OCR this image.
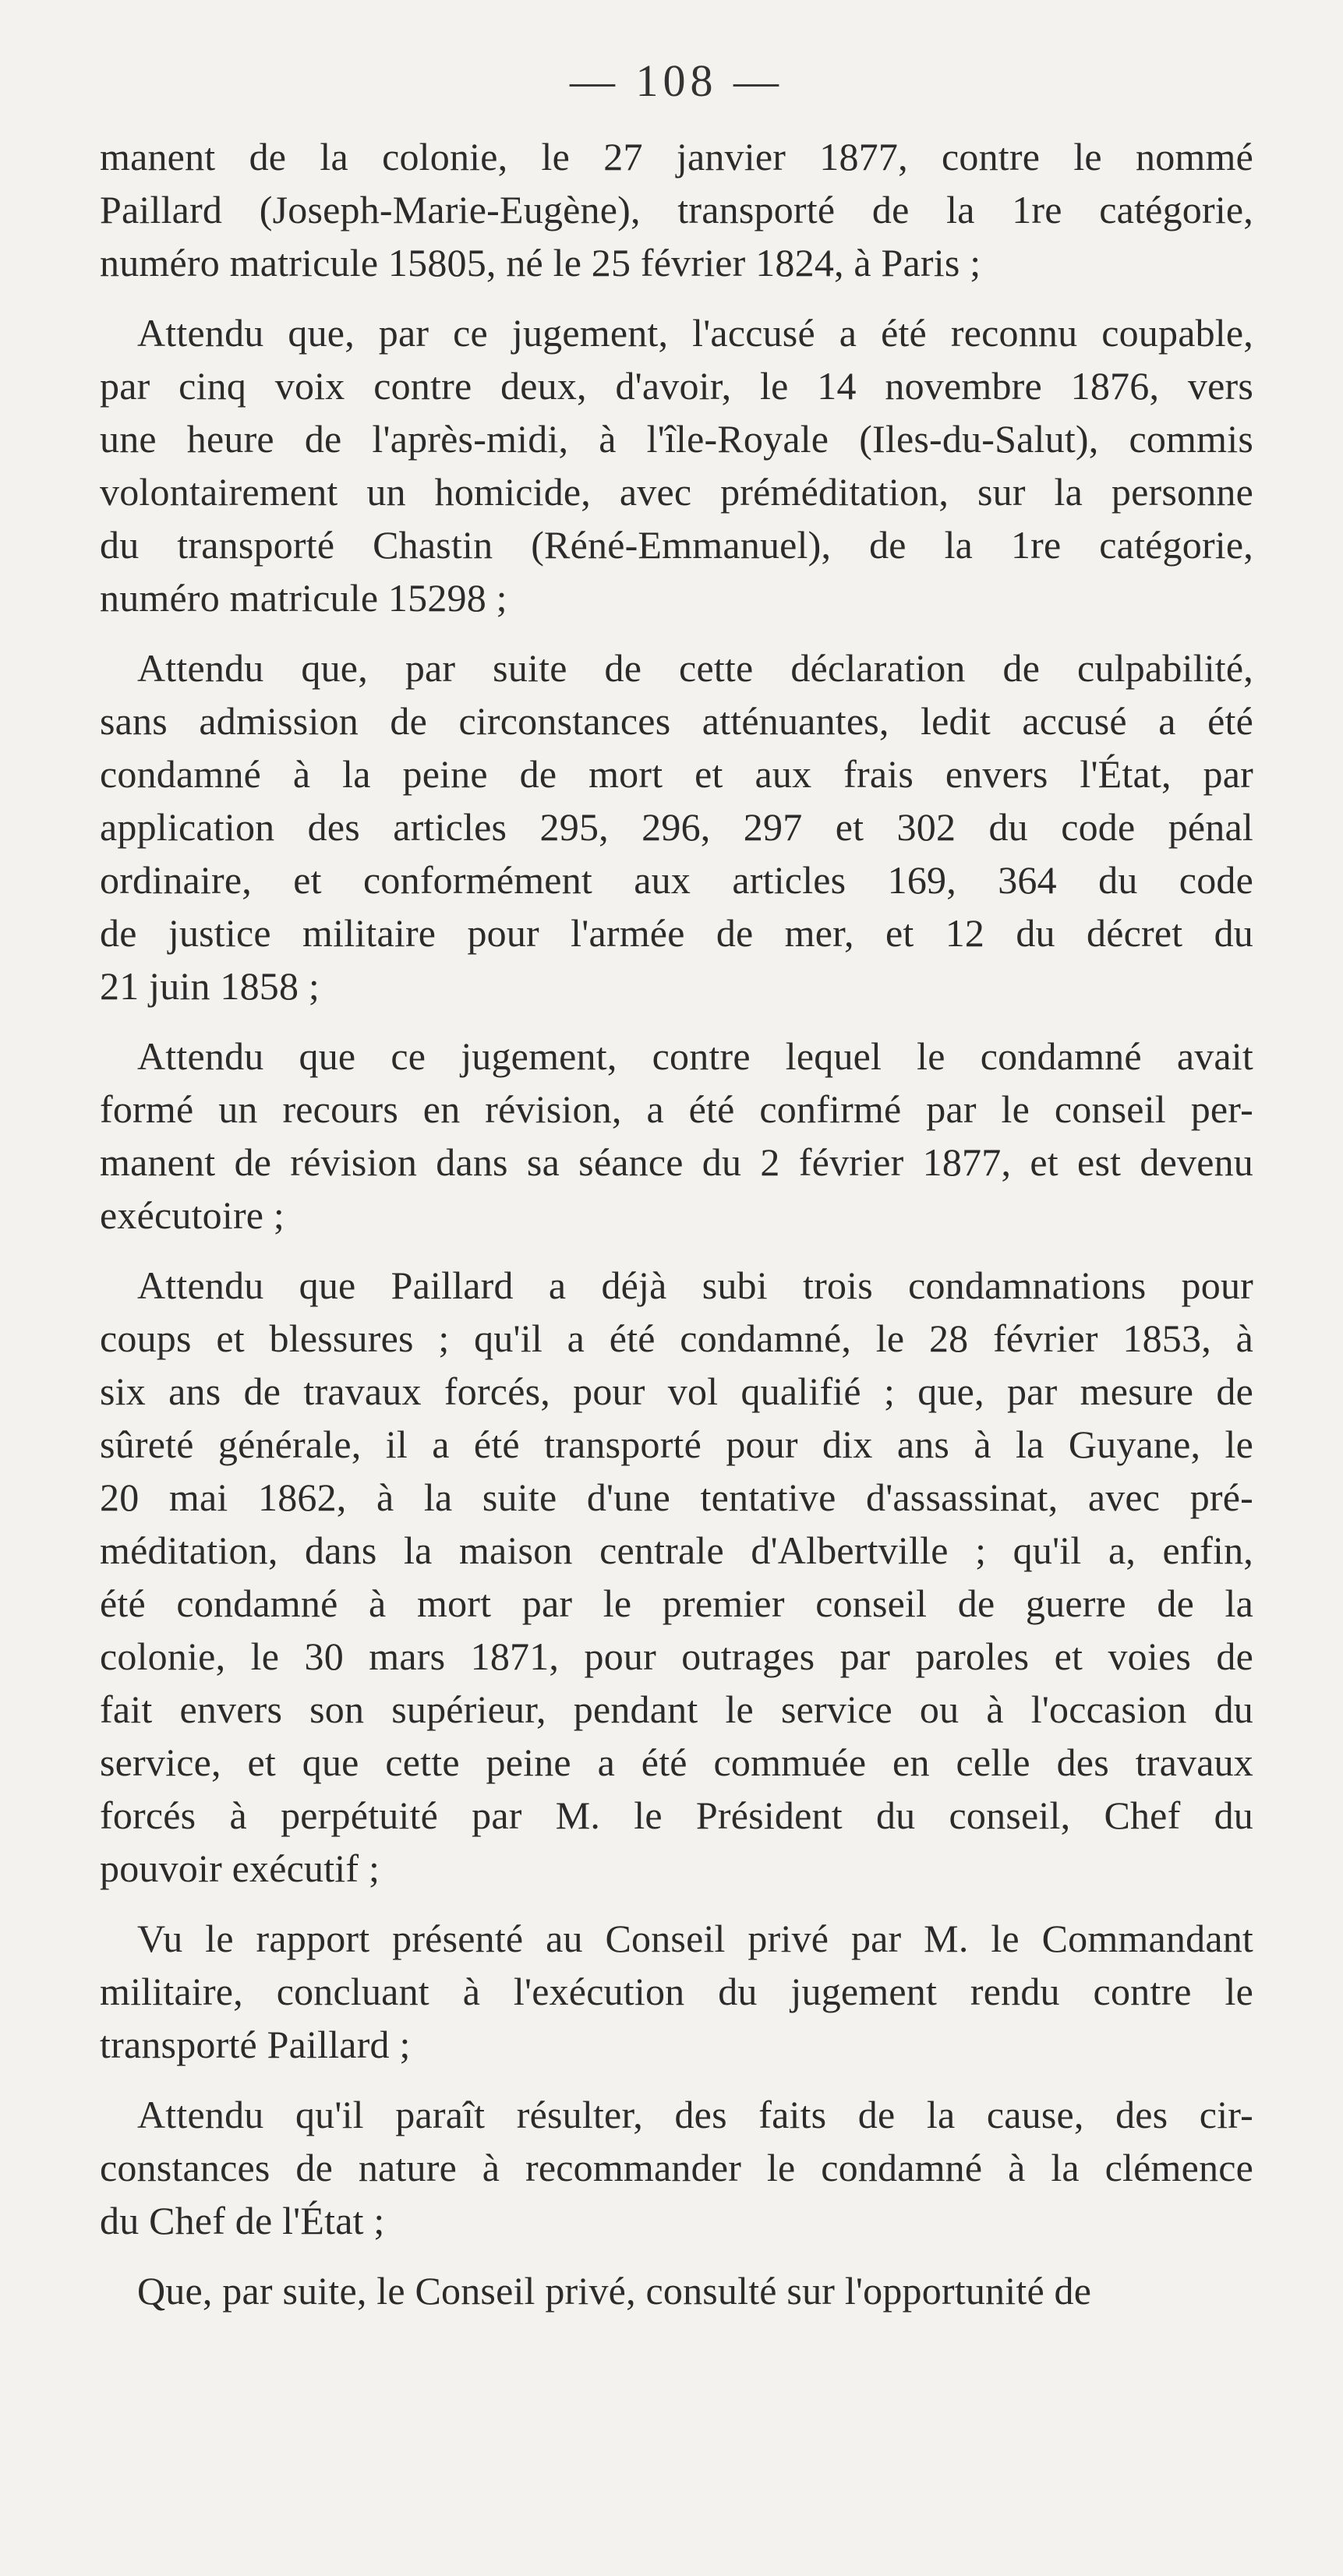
— 108 —

manent de la colonie, le 27 janvier 1877, contre le nommé
Paillard (Joseph-Marie-Eugène), transporté de la 1re catégorie,
numéro matricule 15805, né le 25 février 1824, à Paris ;

Attendu que, par ce jugement, l'accusé a été reconnu coupable,
par cinq voix contre deux, d'avoir, le 14 novembre 1876, vers
une heure de l'après-midi, à l'île-Royale (Iles-du-Salut), commis
volontairement un homicide, avec préméditation, sur la personne
du transporté Chastin (Réné-Emmanuel), de la 1re catégorie,
numéro matricule 15298 ;

Attendu que, par suite de cette déclaration de culpabilité,
sans admission de circonstances atténuantes, ledit accusé a été
condamné à la peine de mort et aux frais envers l'État, par
application des articles 295, 296, 297 et 302 du code pénal
ordinaire, et conformément aux articles 169, 364 du code
de justice militaire pour l'armée de mer, et 12 du décret du
21 juin 1858 ;

Attendu que ce jugement, contre lequel le condamné avait
formé un recours en révision, a été confirmé par le conseil per-
manent de révision dans sa séance du 2 février 1877, et est devenu
exécutoire ;

Attendu que Paillard a déjà subi trois condamnations pour
coups et blessures ; qu'il a été condamné, le 28 février 1853, à
six ans de travaux forcés, pour vol qualifié ; que, par mesure de
sûreté générale, il a été transporté pour dix ans à la Guyane, le
20 mai 1862, à la suite d'une tentative d'assassinat, avec pré-
méditation, dans la maison centrale d'Albertville ; qu'il a, enfin,
été condamné à mort par le premier conseil de guerre de la
colonie, le 30 mars 1871, pour outrages par paroles et voies de
fait envers son supérieur, pendant le service ou à l'occasion du
service, et que cette peine a été commuée en celle des travaux
forcés à perpétuité par M. le Président du conseil, Chef du
pouvoir exécutif ;

Vu le rapport présenté au Conseil privé par M. le Commandant
militaire, concluant à l'exécution du jugement rendu contre le
transporté Paillard ;

Attendu qu'il paraît résulter, des faits de la cause, des cir-
constances de nature à recommander le condamné à la clémence
du Chef de l'État ;

Que, par suite, le Conseil privé, consulté sur l'opportunité de
